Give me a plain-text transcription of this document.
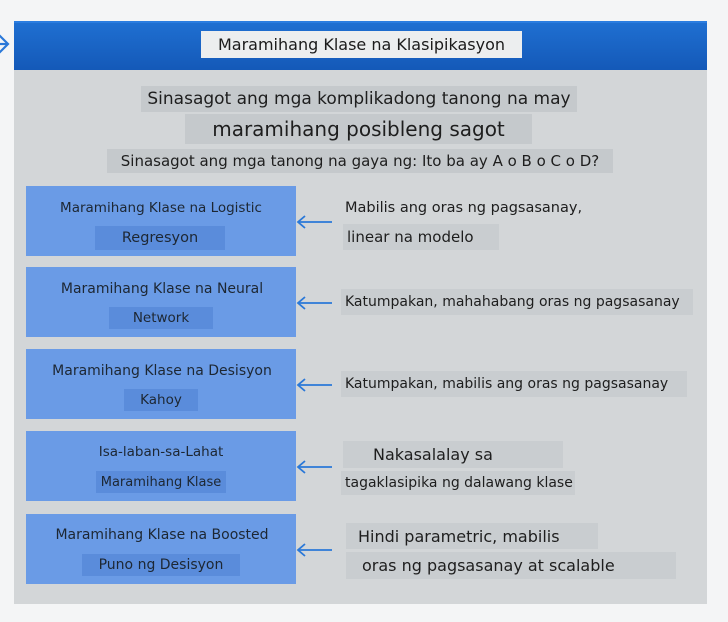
Maramihang Klase na Klasipikasyon
Sinasagot ang mga komplikadong tanong na may
maramihang posibleng sagot
Sinasagot ang mga tanong na gaya ng: Ito ba ay A o B o C o D?
Maramihang Klase na Logistic
Regresyon
Mabilis ang oras ng pagsasanay,
linear na modelo
Maramihang Klase na Neural
Network
Katumpakan, mahahabang oras ng pagsasanay
Maramihang Klase na Desisyon
Kahoy
Katumpakan, mabilis ang oras ng pagsasanay
Isa-laban-sa-Lahat
Maramihang Klase
Nakasalalay sa
tagaklasipika ng dalawang klase
Maramihang Klase na Boosted
Puno ng Desisyon
Hindi parametric, mabilis
oras ng pagsasanay at scalable
